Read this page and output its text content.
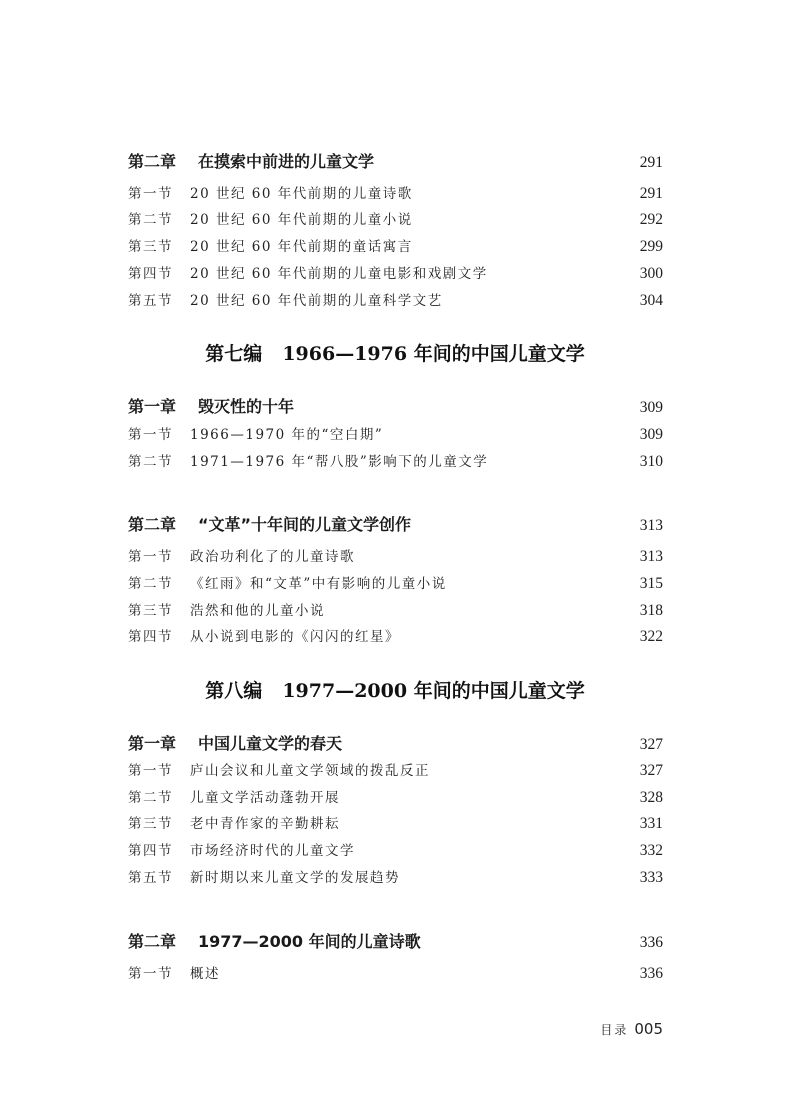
第二章	在摸索中前进的儿童文学	291
第一节	20 世纪 60 年代前期的儿童诗歌	291
第二节	20 世纪 60 年代前期的儿童小说	292
第三节	20 世纪 60 年代前期的童话寓言	299
第四节	20 世纪 60 年代前期的儿童电影和戏剧文学	300
第五节	20 世纪 60 年代前期的儿童科学文艺	304
第七编 1966—1976 年间的中国儿童文学
第一章	毁灭性的十年	309
第一节	1966—1970 年的“空白期”	309
第二节	1971—1976 年“帮八股”影响下的儿童文学	310
第二章	“文革”十年间的儿童文学创作	313
第一节	政治功利化了的儿童诗歌	313
第二节	《红雨》和“文革”中有影响的儿童小说	315
第三节	浩然和他的儿童小说	318
第四节	从小说到电影的《闪闪的红星》	322
第八编 1977—2000 年间的中国儿童文学
第一章	中国儿童文学的春天	327
第一节	庐山会议和儿童文学领域的拨乱反正	327
第二节	儿童文学活动蓬勃开展	328
第三节	老中青作家的辛勤耕耘	331
第四节	市场经济时代的儿童文学	332
第五节	新时期以来儿童文学的发展趋势	333
第二章	1977—2000 年间的儿童诗歌	336
第一节	概述	336
目录 005
